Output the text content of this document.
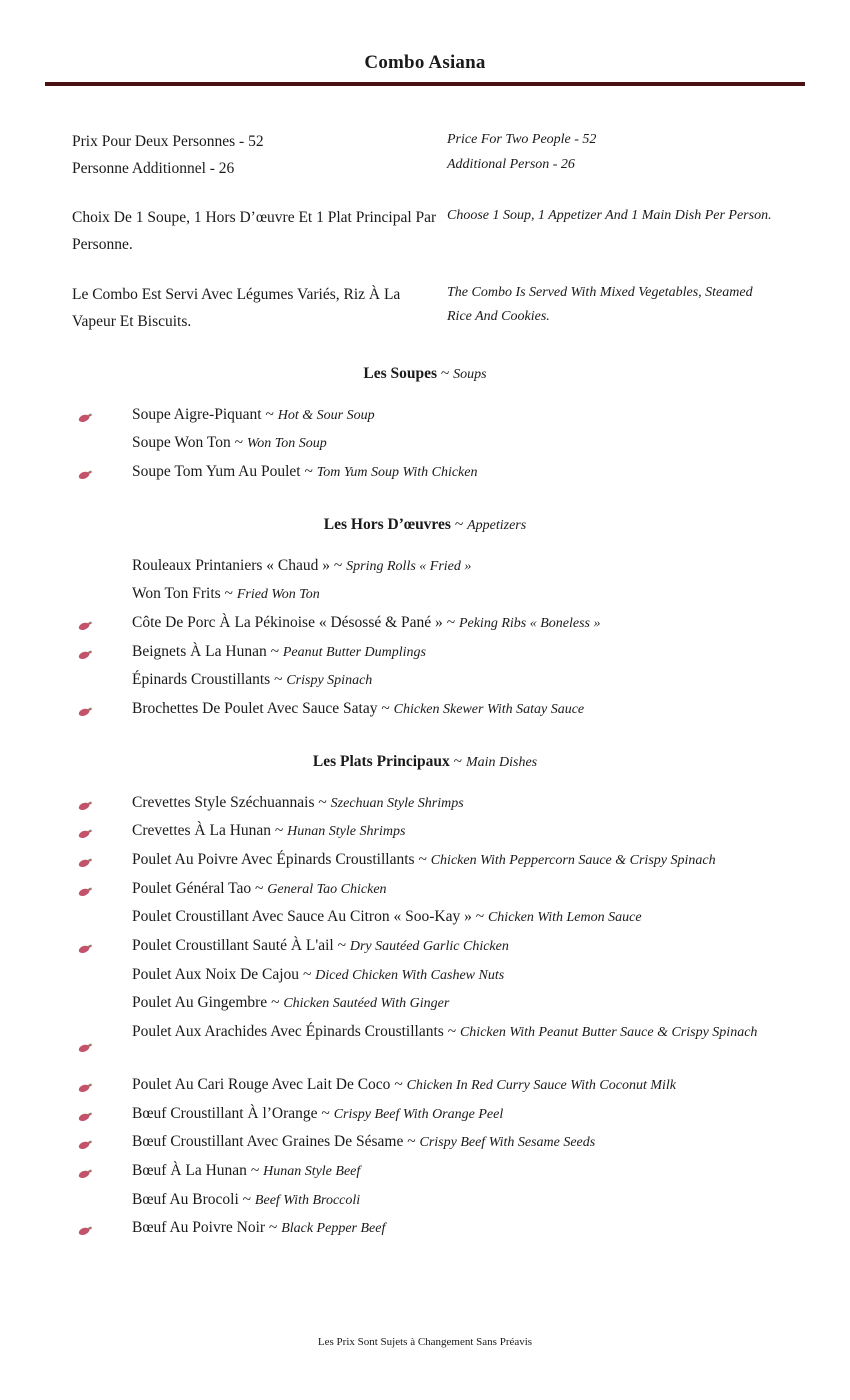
Combo Asiana
Prix Pour Deux Personnes - 52
Personne Additionnel - 26
Price For Two People - 52
Additional Person - 26
Choix De 1 Soupe, 1 Hors D’œuvre Et 1 Plat Principal Par Personne.
Choose 1 Soup, 1 Appetizer And 1 Main Dish Per Person.
Le Combo Est Servi Avec Légumes Variés, Riz À La Vapeur Et Biscuits.
The Combo Is Served With Mixed Vegetables, Steamed Rice And Cookies.
Les Soupes ~ Soups
Soupe Aigre-Piquant ~ Hot & Sour Soup
Soupe Won Ton ~ Won Ton Soup
Soupe Tom Yum Au Poulet ~ Tom Yum Soup With Chicken
Les Hors D’œuvres ~ Appetizers
Rouleaux Printaniers « Chaud » ~ Spring Rolls « Fried »
Won Ton Frits ~ Fried Won Ton
Côte De Porc À La Pékinoise « Désossé & Pané » ~ Peking Ribs « Boneless »
Beignets À La Hunan ~ Peanut Butter Dumplings
Épinards Croustillants ~ Crispy Spinach
Brochettes De Poulet Avec Sauce Satay ~ Chicken Skewer With Satay Sauce
Les Plats Principaux ~ Main Dishes
Crevettes Style Széchuannais ~ Szechuan Style Shrimps
Crevettes À La Hunan ~ Hunan Style Shrimps
Poulet Au Poivre Avec Épinards Croustillants ~ Chicken With Peppercorn Sauce & Crispy Spinach
Poulet Général Tao ~ General Tao Chicken
Poulet Croustillant Avec Sauce Au Citron « Soo-Kay » ~ Chicken With Lemon Sauce
Poulet Croustillant Sauté À L'ail ~ Dry Sautéed Garlic Chicken
Poulet Aux Noix De Cajou ~ Diced Chicken With Cashew Nuts
Poulet Au Gingembre ~ Chicken Sautéed With Ginger
Poulet Aux Arachides Avec Épinards Croustillants ~ Chicken With Peanut Butter Sauce & Crispy Spinach
Poulet Au Cari Rouge Avec Lait De Coco ~ Chicken In Red Curry Sauce With Coconut Milk
Bœuf Croustillant À l’Orange ~ Crispy Beef With Orange Peel
Bœuf Croustillant Avec Graines De Sésame ~ Crispy Beef With Sesame Seeds
Bœuf À La Hunan ~ Hunan Style Beef
Bœuf Au Brocoli ~ Beef With Broccoli
Bœuf Au Poivre Noir ~ Black Pepper Beef
Les Prix Sont Sujets à Changement Sans Préavis
